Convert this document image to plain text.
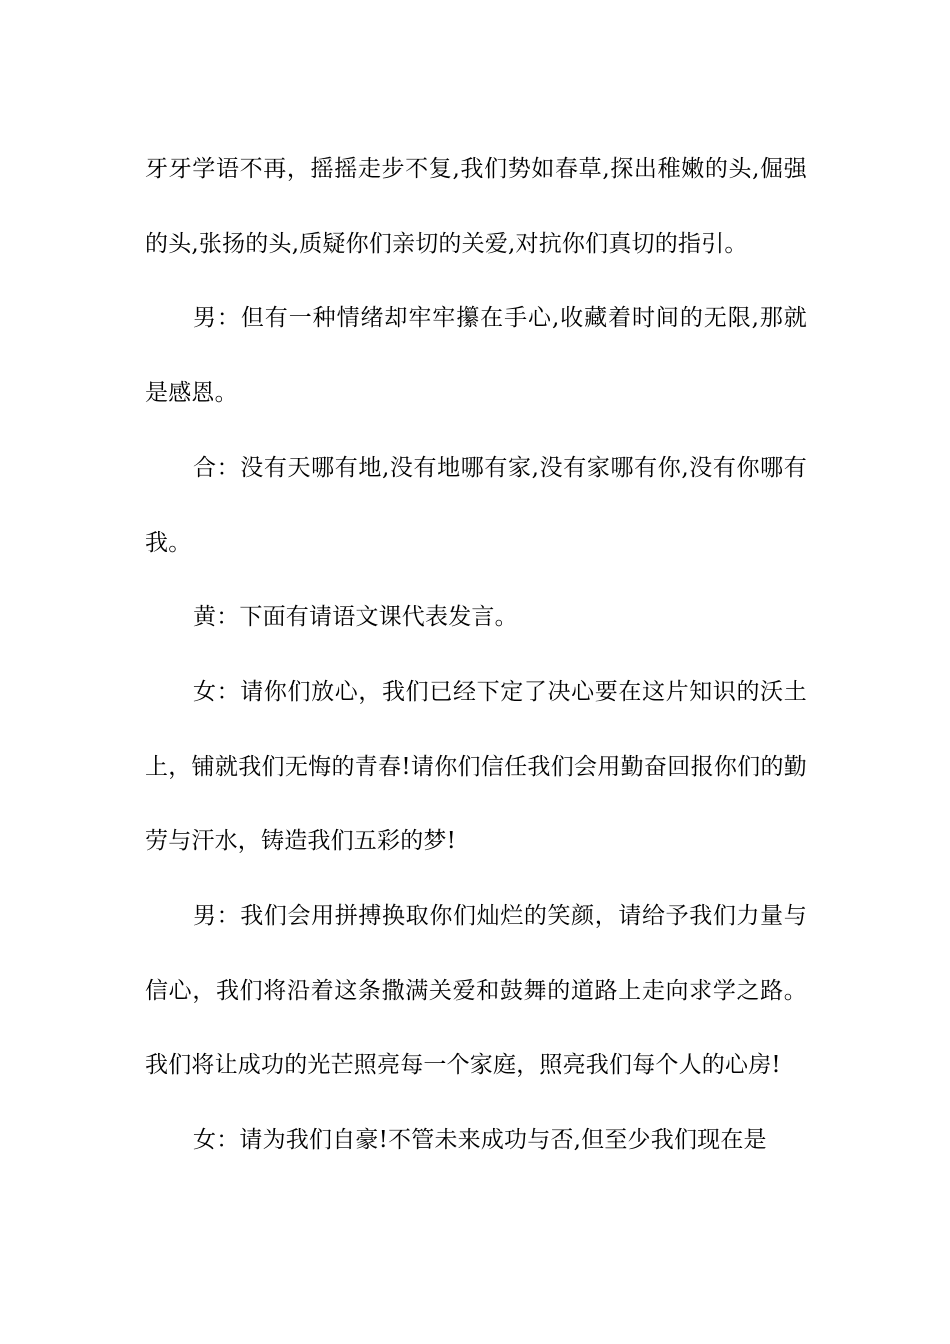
牙牙学语不再，摇摇走步不复,我们势如春草,探出稚嫩的头,倔强的头,张扬的头,质疑你们亲切的关爱,对抗你们真切的指引。

男：但有一种情绪却牢牢攥在手心,收藏着时间的无限,那就是感恩。

合：没有天哪有地,没有地哪有家,没有家哪有你,没有你哪有我。

黄：下面有请语文课代表发言。

女：请你们放心，我们已经下定了决心要在这片知识的沃土上，铺就我们无悔的青春!请你们信任我们会用勤奋回报你们的勤劳与汗水，铸造我们五彩的梦!

男：我们会用拼搏换取你们灿烂的笑颜，请给予我们力量与信心，我们将沿着这条撒满关爱和鼓舞的道路上走向求学之路。我们将让成功的光芒照亮每一个家庭，照亮我们每个人的心房!

女：请为我们自豪!不管未来成功与否,但至少我们现在是
